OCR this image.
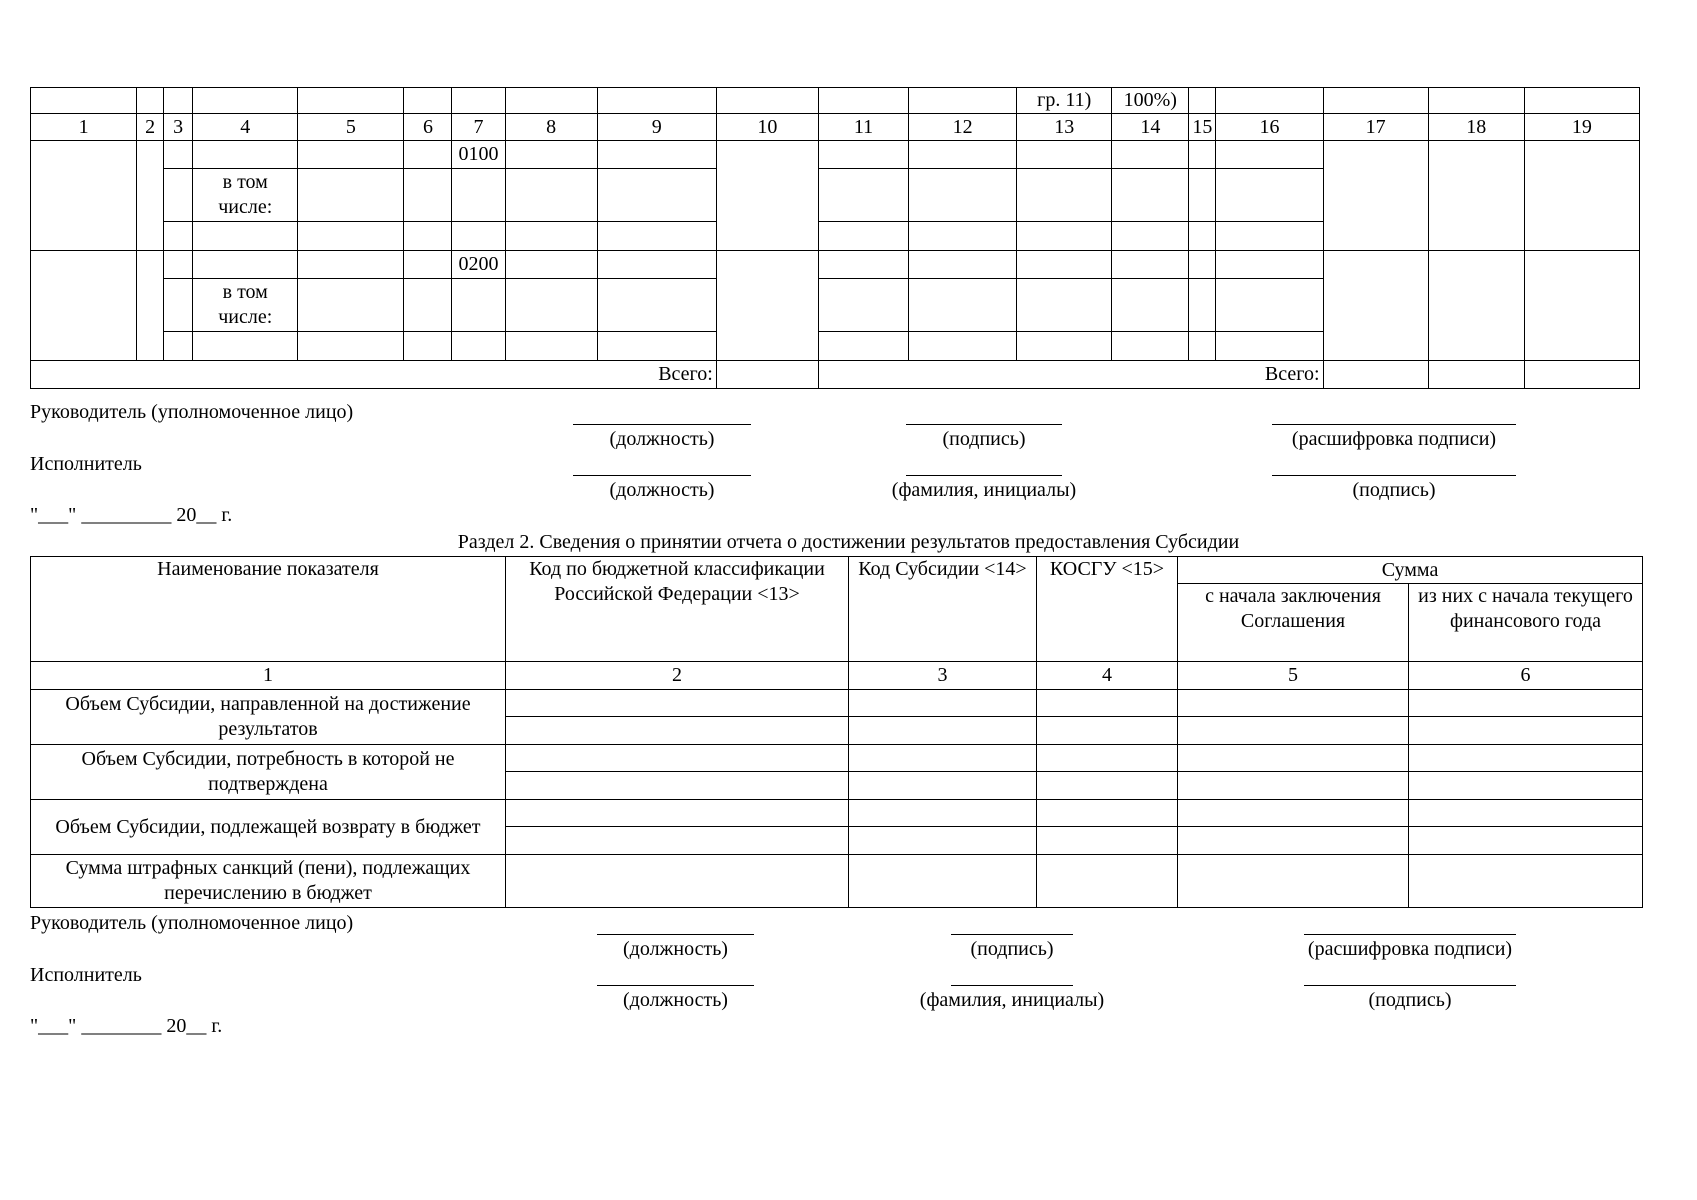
												гр. 11)	100%)					
1	2	3	4	5	6	7	8	9	10	11	12	13	14	15	16	17	18	19
						0100												
			в том числе:															

						0200												
			в том числе:															

Всего:										Всего:								
Руководитель (уполномоченное лицо)
(должность)	(подпись)	(расшифровка подписи)
Исполнитель
(должность)	(фамилия, инициалы)	(подпись)
"___" _________ 20__ г.
Раздел 2. Сведения о принятии отчета о достижении результатов предоставления Субсидии
Наименование показателя	Код по бюджетной классификации Российской Федерации <13>	Код Субсидии <14>	КОСГУ <15>	Сумма	
				с начала заключения Соглашения	из них с начала текущего финансового года
1	2	3	4	5	6
Объем Субсидии, направленной на достижение результатов					

Объем Субсидии, потребность в которой не подтверждена					

Объем Субсидии, подлежащей возврату в бюджет					

Сумма штрафных санкций (пени), подлежащих перечислению в бюджет					
Руководитель (уполномоченное лицо)
(должность)	(подпись)	(расшифровка подписи)
Исполнитель
(должность)	(фамилия, инициалы)	(подпись)
"___" ________ 20__ г.
